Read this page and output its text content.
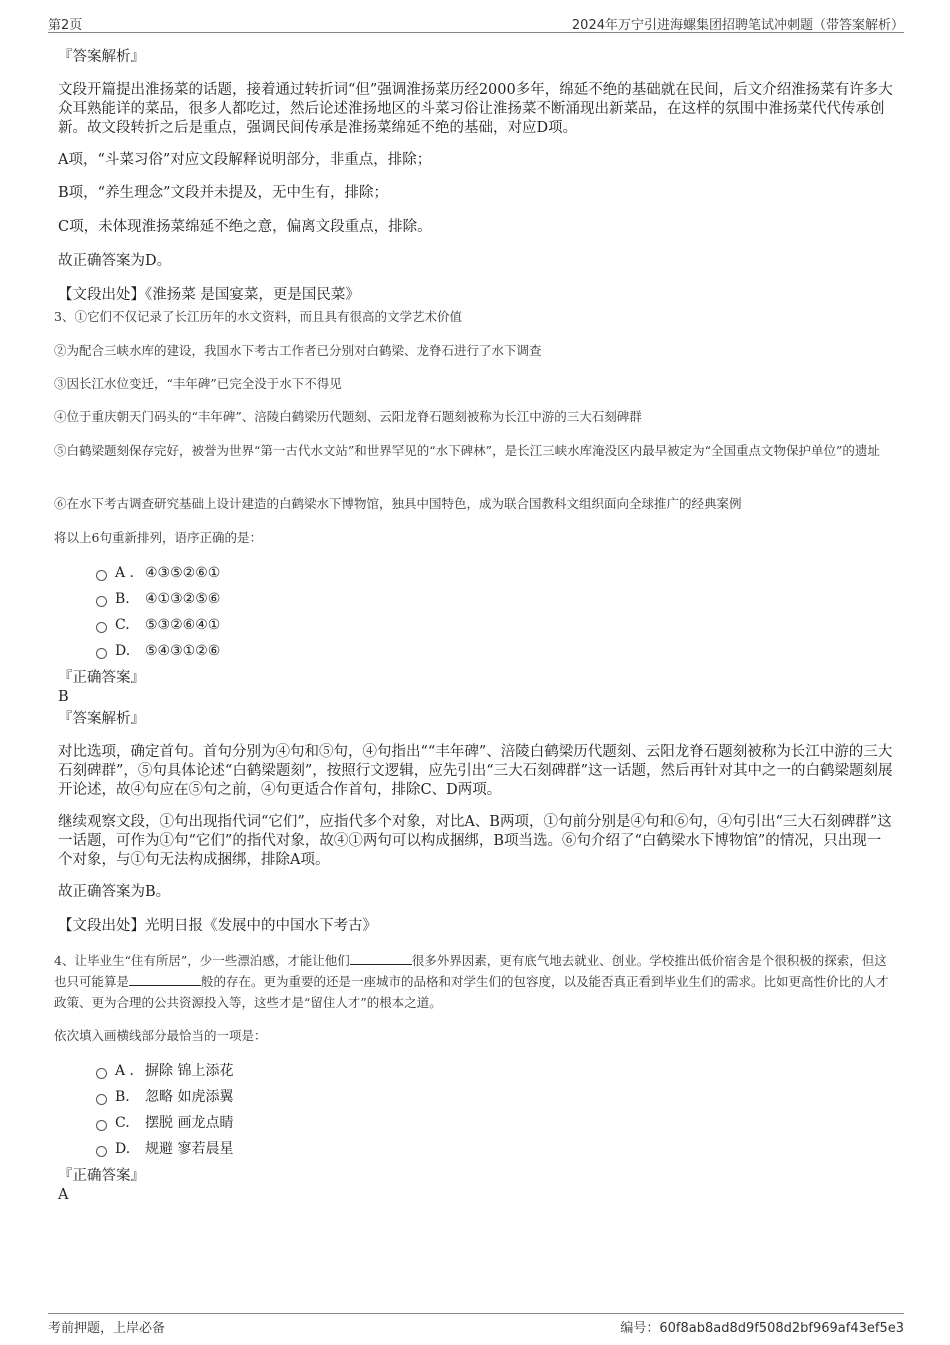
第2页	2024年万宁引进海螺集团招聘笔试冲刺题（带答案解析）
『答案解析』
文段开篇提出淮扬菜的话题，接着通过转折词“但”强调淮扬菜历经2000多年，绵延不绝的基础就在民间，后文介绍淮扬菜有许多大众耳熟能详的菜品，很多人都吃过，然后论述淮扬地区的斗菜习俗让淮扬菜不断涌现出新菜品，在这样的氛围中淮扬菜代代传承创新。故文段转折之后是重点，强调民间传承是淮扬菜绵延不绝的基础，对应D项。
A项，“斗菜习俗”对应文段解释说明部分，非重点，排除；
B项，“养生理念”文段并未提及，无中生有，排除；
C项，未体现淮扬菜绵延不绝之意，偏离文段重点，排除。
故正确答案为D。
【文段出处】《淮扬菜 是国宴菜，更是国民菜》
3、①它们不仅记录了长江历年的水文资料，而且具有很高的文学艺术价值
②为配合三峡水库的建设，我国水下考古工作者已分别对白鹤梁、龙脊石进行了水下调查
③因长江水位变迁，“丰年碑”已完全没于水下不得见
④位于重庆朝天门码头的“丰年碑”、涪陵白鹤梁历代题刻、云阳龙脊石题刻被称为长江中游的三大石刻碑群
⑤白鹤梁题刻保存完好，被誉为世界“第一古代水文站”和世界罕见的“水下碑林”，是长江三峡水库淹没区内最早被定为“全国重点文物保护单位”的遗址
⑥在水下考古调查研究基础上设计建造的白鹤梁水下博物馆，独具中国特色，成为联合国教科文组织面向全球推广的经典案例
将以上6句重新排列，语序正确的是：
A . ④③⑤②⑥①
B. ④①③②⑤⑥
C. ⑤③②⑥④①
D. ⑤④③①②⑥
『正确答案』
B
『答案解析』
对比选项，确定首句。首句分别为④句和⑤句，④句指出““丰年碑”、涪陵白鹤梁历代题刻、云阳龙脊石题刻被称为长江中游的三大石刻碑群”，⑤句具体论述“白鹤梁题刻”，按照行文逻辑，应先引出“三大石刻碑群”这一话题，然后再针对其中之一的白鹤梁题刻展开论述，故④句应在⑤句之前，④句更适合作首句，排除C、D两项。
继续观察文段，①句出现指代词“它们”，应指代多个对象，对比A、B两项，①句前分别是④句和⑥句，④句引出“三大石刻碑群”这一话题，可作为①句“它们”的指代对象，故④①两句可以构成捆绑，B项当选。⑥句介绍了“白鹤梁水下博物馆”的情况，只出现一个对象，与①句无法构成捆绑，排除A项。
故正确答案为B。
【文段出处】光明日报《发展中的中国水下考古》
4、让毕业生“住有所居”，少一些漂泊感，才能让他们	很多外界因素，更有底气地去就业、创业。学校推出低价宿舍是个很积极的探索，但这也只可能算是	般的存在。更为重要的还是一座城市的品格和对学生们的包容度，以及能否真正看到毕业生们的需求。比如更高性价比的人才政策、更为合理的公共资源投入等，这些才是“留住人才”的根本之道。
依次填入画横线部分最恰当的一项是：
A . 摒除 锦上添花
B. 忽略 如虎添翼
C. 摆脱 画龙点睛
D. 规避 寥若晨星
『正确答案』
A
考前押题，上岸必备	编号：60f8ab8ad8d9f508d2bf969af43ef5e3
